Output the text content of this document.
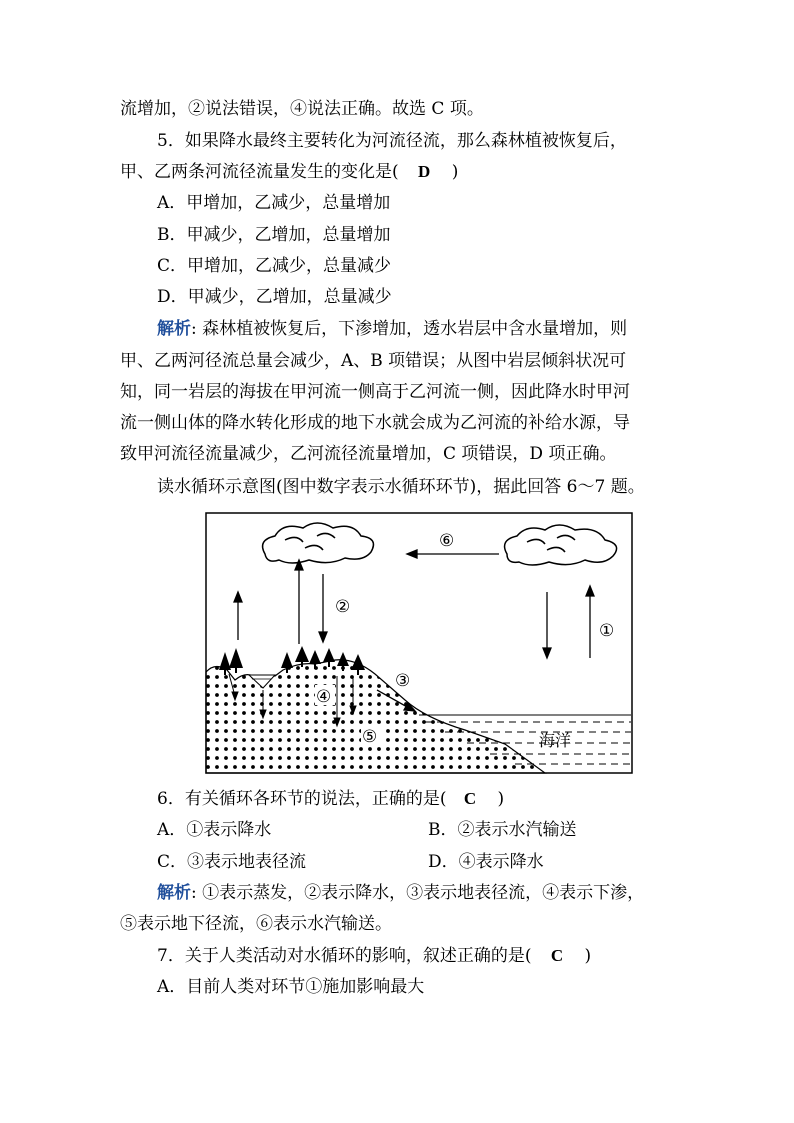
流增加，②说法错误，④说法正确。故选 C 项。
5．如果降水最终主要转化为河流径流，那么森林植被恢复后，
甲、乙两条河流径流量发生的变化是( D )
A．甲增加，乙减少，总量增加
B．甲减少，乙增加，总量增加
C．甲增加，乙减少，总量减少
D．甲减少，乙增加，总量减少
解析: 森林植被恢复后，下渗增加，透水岩层中含水量增加，则
甲、乙两河径流总量会减少，A、B 项错误；从图中岩层倾斜状况可
知，同一岩层的海拔在甲河流一侧高于乙河流一侧，因此降水时甲河
流一侧山体的降水转化形成的地下水就会成为乙河流的补给水源，导
致甲河流径流量减少，乙河流径流量增加，C 项错误，D 项正确。
读水循环示意图(图中数字表示水循环环节)，据此回答 6～7 题。
⑥
②
①
③
④
⑤	海洋
6．有关循环各环节的说法，正确的是( C )
A．①表示降水	B．②表示水汽输送
C．③表示地表径流	D．④表示降水
解析: ①表示蒸发，②表示降水，③表示地表径流，④表示下渗，
⑤表示地下径流，⑥表示水汽输送。
7．关于人类活动对水循环的影响，叙述正确的是( C )
A．目前人类对环节①施加影响最大
